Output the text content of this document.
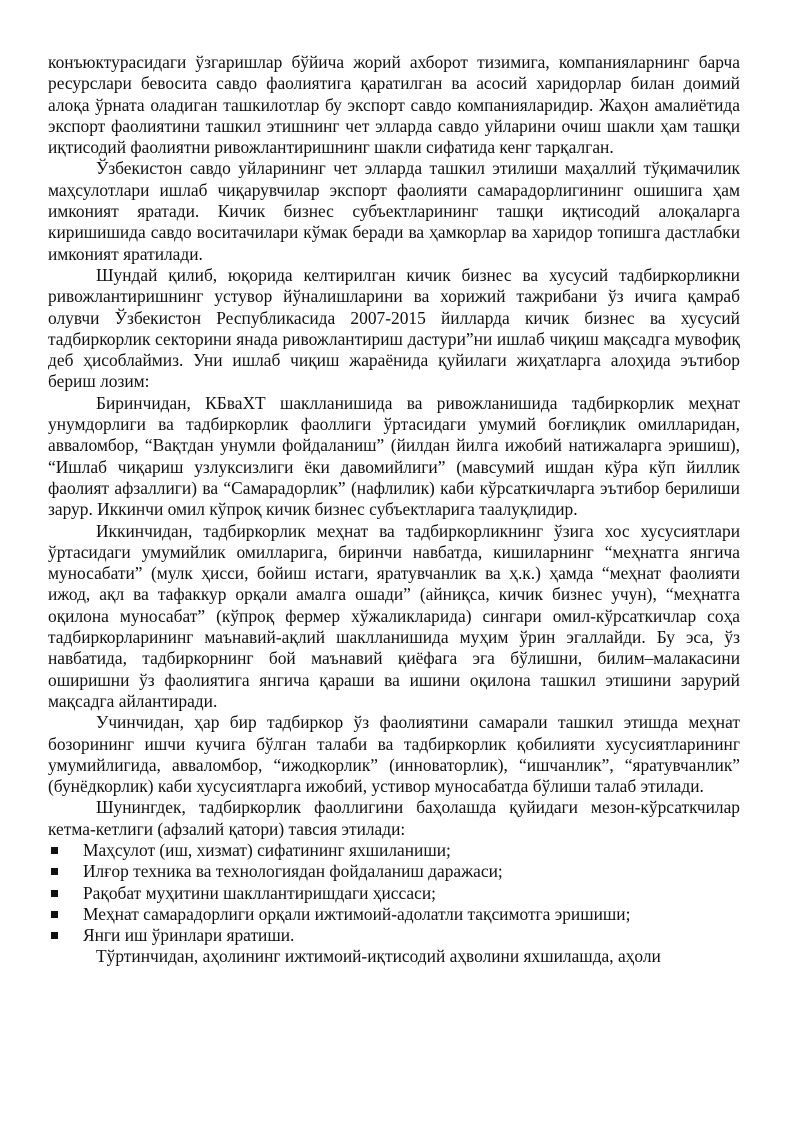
конъюктурасидаги ўзгаришлар бўйича жорий ахборот тизимига, компанияларнинг барча ресурслари бевосита савдо фаолиятига қаратилган ва асосий харидорлар билан доимий алоқа ўрната оладиган ташкилотлар бу экспорт савдо компанияларидир. Жаҳон амалиётида экспорт фаолиятини ташкил этишнинг чет элларда савдо уйларини очиш шакли ҳам ташқи иқтисодий фаолиятни ривожлантиришнинг шакли сифатида кенг тарқалган.

Ўзбекистон савдо уйларининг чет элларда ташкил этилиши маҳаллий тўқимачилик маҳсулотлари ишлаб чиқарувчилар экспорт фаолияти самарадорлигининг ошишига ҳам имконият яратади. Кичик бизнес субъектларининг ташқи иқтисодий алоқаларга киришишида савдо воситачилари кўмак беради ва ҳамкорлар ва харидор топишга дастлабки имконият яратилади.

Шундай қилиб, юқорида келтирилган кичик бизнес ва хусусий тадбиркорликни ривожлантиришнинг устувор йўналишларини ва хорижий тажрибани ўз ичига қамраб олувчи Ўзбекистон Республикасида 2007-2015 йилларда кичик бизнес ва хусусий тадбиркорлик секторини янада ривожлантириш дастури”ни ишлаб чиқиш мақсадга мувофиқ деб ҳисоблаймиз. Уни ишлаб чиқиш жараёнида қуйилаги жиҳатларга алоҳида эътибор бериш лозим:

Биринчидан, КБваХТ шаклланишида ва ривожланишида тадбиркорлик меҳнат унумдорлиги ва тадбиркорлик фаоллиги ўртасидаги умумий боғлиқлик омилларидан, авваломбор, “Вақтдан унумли фойдаланиш” (йилдан йилга ижобий натижаларга эришиш), “Ишлаб чиқариш узлуксизлиги ёки давомийлиги” (мавсумий ишдан кўра кўп йиллик фаолият афзаллиги) ва “Самарадорлик” (нафлилик) каби кўрсаткичларга эътибор берилиши зарур. Иккинчи омил кўпроқ кичик бизнес субъектларига таалуқлидир.

Иккинчидан, тадбиркорлик меҳнат ва тадбиркорликнинг ўзига хос хусусиятлари ўртасидаги умумийлик омилларига, биринчи навбатда, кишиларнинг “меҳнатга янгича муносабати” (мулк ҳисси, бойиш истаги, яратувчанлик ва ҳ.к.) ҳамда “меҳнат фаолияти ижод, ақл ва тафаккур орқали амалга ошади” (айниқса, кичик бизнес учун), “меҳнатга оқилона муносабат” (кўпроқ фермер хўжаликларида) сингари омил-кўрсаткичлар соҳа тадбиркорларининг маънавий-ақлий шаклланишида муҳим ўрин эгаллайди. Бу эса, ўз навбатида, тадбиркорнинг бой маънавий қиёфага эга бўлишни, билим–малакасини оширишни ўз фаолиятига янгича қараши ва ишини оқилона ташкил этишини зарурий мақсадга айлантиради.

Учинчидан, ҳар бир тадбиркор ўз фаолиятини самарали ташкил этишда меҳнат бозорининг ишчи кучига бўлган талаби ва тадбиркорлик қобилияти хусусиятларининг умумийлигида, авваломбор, “ижодкорлик” (инноваторлик), “ишчанлик”, “яратувчанлик” (бунёдкорлик) каби хусусиятларга ижобий, устивор муносабатда бўлиши талаб этилади.

Шунингдек, тадбиркорлик фаоллигини баҳолашда қуйидаги мезон-кўрсаткчилар кетма-кетлиги (афзалий қатори) тавсия этилади:

Маҳсулот (иш, хизмат) сифатининг яхшиланиши;
Илғор техника ва технологиядан фойдаланиш даражаси;
Рақобат муҳитини шакллантиришдаги ҳиссаси;
Меҳнат самарадорлиги орқали ижтимоий-адолатли тақсимотга эришиши;
Янги иш ўринлари яратиши.

Тўртинчидан, аҳолининг ижтимоий-иқтисодий аҳволини яхшилашда, аҳоли
